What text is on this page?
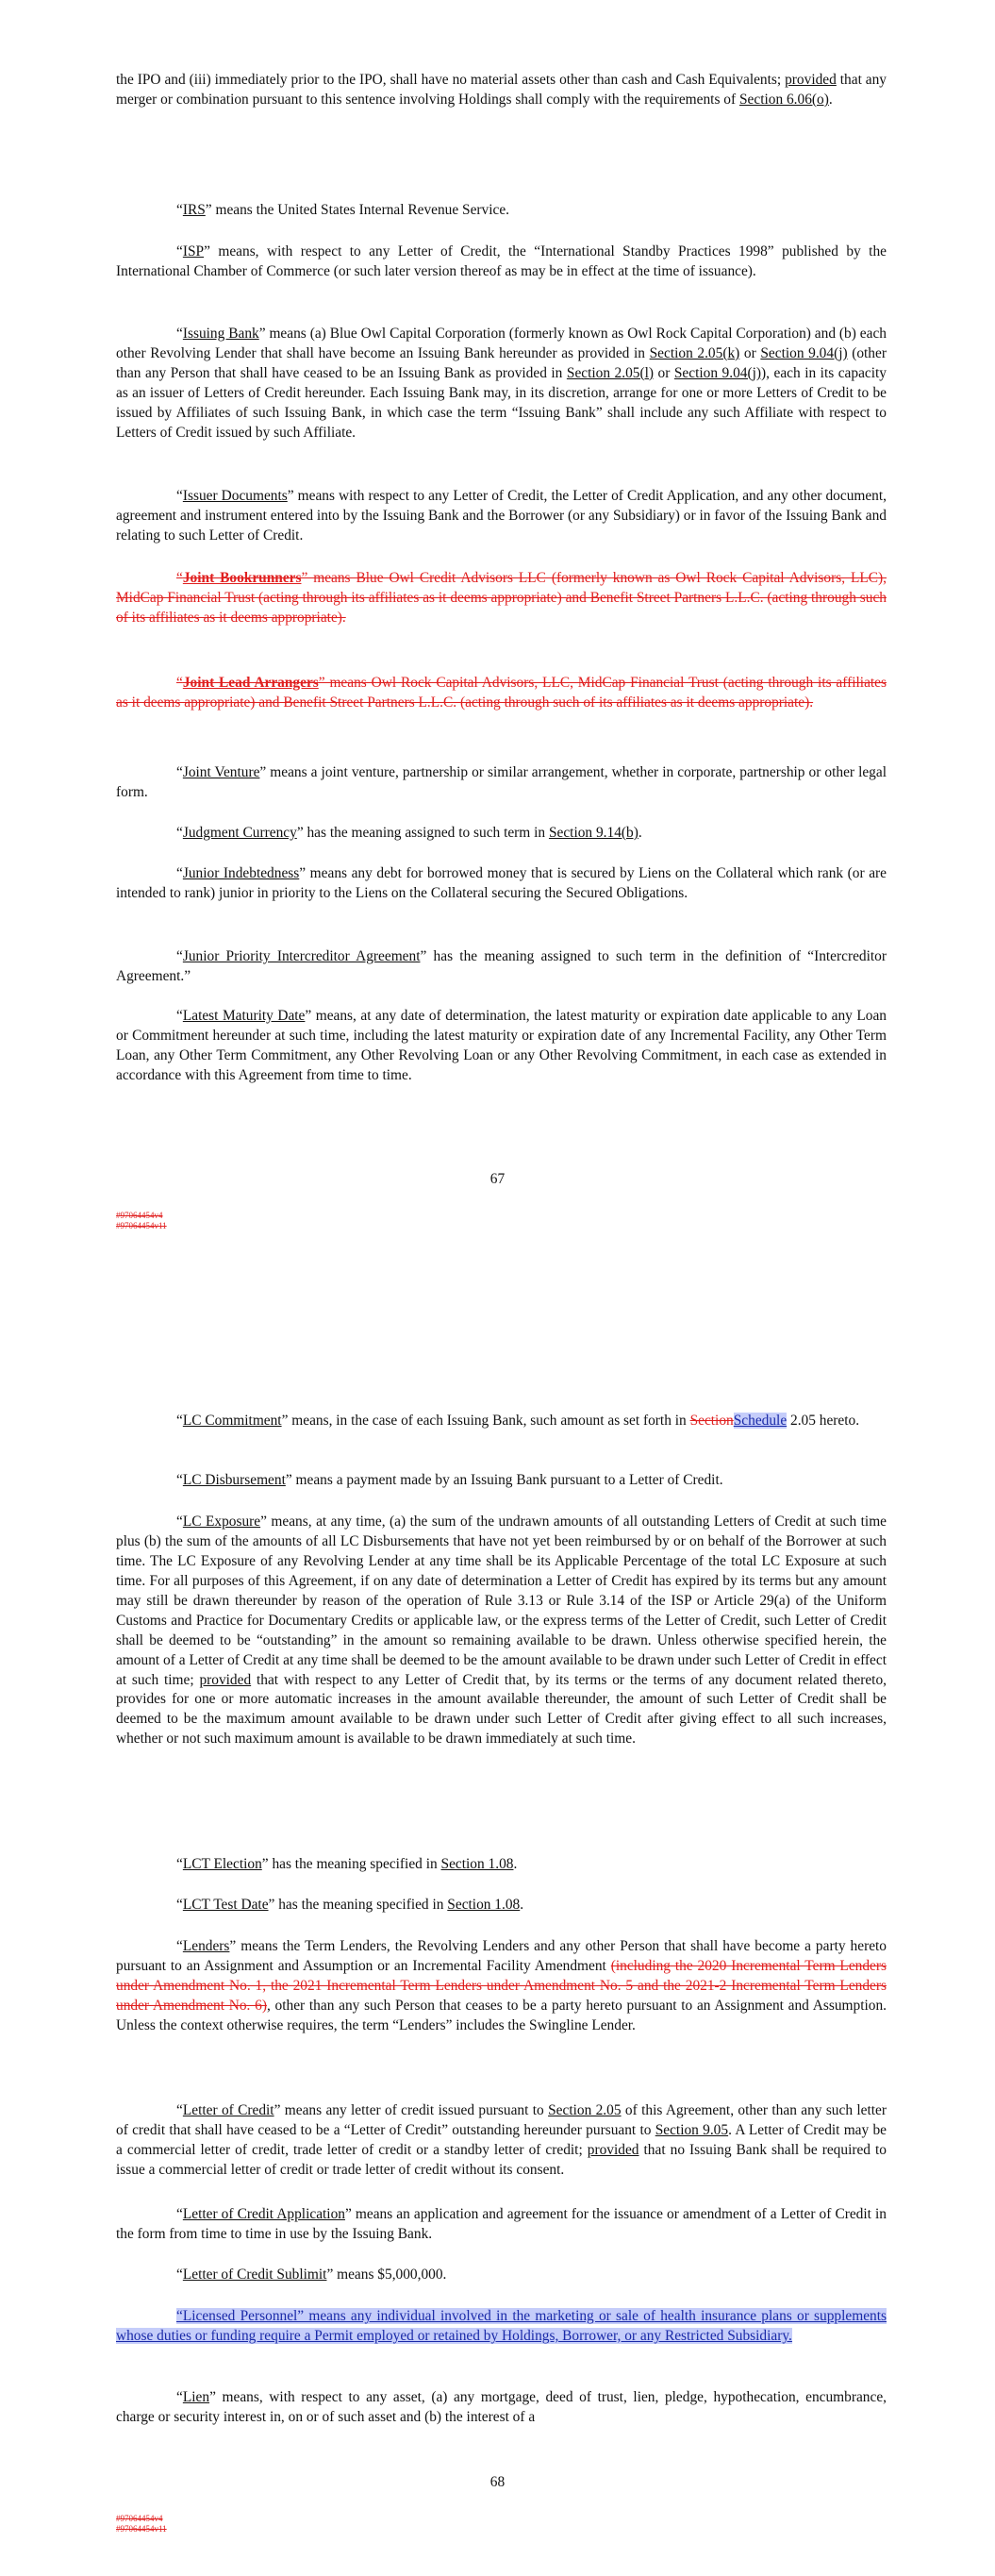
the IPO and (iii) immediately prior to the IPO, shall have no material assets other than cash and Cash Equivalents; provided that any merger or combination pursuant to this sentence involving Holdings shall comply with the requirements of Section 6.06(o).

“IRS” means the United States Internal Revenue Service.

“ISP” means, with respect to any Letter of Credit, the “International Standby Practices 1998” published by the International Chamber of Commerce (or such later version thereof as may be in effect at the time of issuance).

“Issuing Bank” means (a) Blue Owl Capital Corporation (formerly known as Owl Rock Capital Corporation) and (b) each other Revolving Lender that shall have become an Issuing Bank hereunder as provided in Section 2.05(k) or Section 9.04(j) (other than any Person that shall have ceased to be an Issuing Bank as provided in Section 2.05(l) or Section 9.04(j)), each in its capacity as an issuer of Letters of Credit hereunder. Each Issuing Bank may, in its discretion, arrange for one or more Letters of Credit to be issued by Affiliates of such Issuing Bank, in which case the term “Issuing Bank” shall include any such Affiliate with respect to Letters of Credit issued by such Affiliate.

“Issuer Documents” means with respect to any Letter of Credit, the Letter of Credit Application, and any other document, agreement and instrument entered into by the Issuing Bank and the Borrower (or any Subsidiary) or in favor of the Issuing Bank and relating to such Letter of Credit.

“Joint Bookrunners” means Blue Owl Credit Advisors LLC (formerly known as Owl Rock Capital Advisors, LLC), MidCap Financial Trust (acting through its affiliates as it deems appropriate) and Benefit Street Partners L.L.C. (acting through such of its affiliates as it deems appropriate).

“Joint Lead Arrangers” means Owl Rock Capital Advisors, LLC, MidCap Financial Trust (acting through its affiliates as it deems appropriate) and Benefit Street Partners L.L.C. (acting through such of its affiliates as it deems appropriate).

“Joint Venture” means a joint venture, partnership or similar arrangement, whether in corporate, partnership or other legal form.

“Judgment Currency” has the meaning assigned to such term in Section 9.14(b).

“Junior Indebtedness” means any debt for borrowed money that is secured by Liens on the Collateral which rank (or are intended to rank) junior in priority to the Liens on the Collateral securing the Secured Obligations.

“Junior Priority Intercreditor Agreement” has the meaning assigned to such term in the definition of “Intercreditor Agreement.”

“Latest Maturity Date” means, at any date of determination, the latest maturity or expiration date applicable to any Loan or Commitment hereunder at such time, including the latest maturity or expiration date of any Incremental Facility, any Other Term Loan, any Other Term Commitment, any Other Revolving Loan or any Other Revolving Commitment, in each case as extended in accordance with this Agreement from time to time.

67
#97064454v4
#97064454v11

“LC Commitment” means, in the case of each Issuing Bank, such amount as set forth in SectionSchedule 2.05 hereto.

“LC Disbursement” means a payment made by an Issuing Bank pursuant to a Letter of Credit.

“LC Exposure” means, at any time, (a) the sum of the undrawn amounts of all outstanding Letters of Credit at such time plus (b) the sum of the amounts of all LC Disbursements that have not yet been reimbursed by or on behalf of the Borrower at such time. The LC Exposure of any Revolving Lender at any time shall be its Applicable Percentage of the total LC Exposure at such time. For all purposes of this Agreement, if on any date of determination a Letter of Credit has expired by its terms but any amount may still be drawn thereunder by reason of the operation of Rule 3.13 or Rule 3.14 of the ISP or Article 29(a) of the Uniform Customs and Practice for Documentary Credits or applicable law, or the express terms of the Letter of Credit, such Letter of Credit shall be deemed to be “outstanding” in the amount so remaining available to be drawn. Unless otherwise specified herein, the amount of a Letter of Credit at any time shall be deemed to be the amount available to be drawn under such Letter of Credit in effect at such time; provided that with respect to any Letter of Credit that, by its terms or the terms of any document related thereto, provides for one or more automatic increases in the amount available thereunder, the amount of such Letter of Credit shall be deemed to be the maximum amount available to be drawn under such Letter of Credit after giving effect to all such increases, whether or not such maximum amount is available to be drawn immediately at such time.

“LCT Election” has the meaning specified in Section 1.08.

“LCT Test Date” has the meaning specified in Section 1.08.

“Lenders” means the Term Lenders, the Revolving Lenders and any other Person that shall have become a party hereto pursuant to an Assignment and Assumption or an Incremental Facility Amendment (including the 2020 Incremental Term Lenders under Amendment No. 1, the 2021 Incremental Term Lenders under Amendment No. 5 and the 2021-2 Incremental Term Lenders under Amendment No. 6), other than any such Person that ceases to be a party hereto pursuant to an Assignment and Assumption. Unless the context otherwise requires, the term “Lenders” includes the Swingline Lender.

“Letter of Credit” means any letter of credit issued pursuant to Section 2.05 of this Agreement, other than any such letter of credit that shall have ceased to be a “Letter of Credit” outstanding hereunder pursuant to Section 9.05. A Letter of Credit may be a commercial letter of credit, trade letter of credit or a standby letter of credit; provided that no Issuing Bank shall be required to issue a commercial letter of credit or trade letter of credit without its consent.

“Letter of Credit Application” means an application and agreement for the issuance or amendment of a Letter of Credit in the form from time to time in use by the Issuing Bank.

“Letter of Credit Sublimit” means $5,000,000.

“Licensed Personnel” means any individual involved in the marketing or sale of health insurance plans or supplements whose duties or funding require a Permit employed or retained by Holdings, Borrower, or any Restricted Subsidiary.

“Lien” means, with respect to any asset, (a) any mortgage, deed of trust, lien, pledge, hypothecation, encumbrance, charge or security interest in, on or of such asset and (b) the interest of a

68
#97064454v4
#97064454v11
